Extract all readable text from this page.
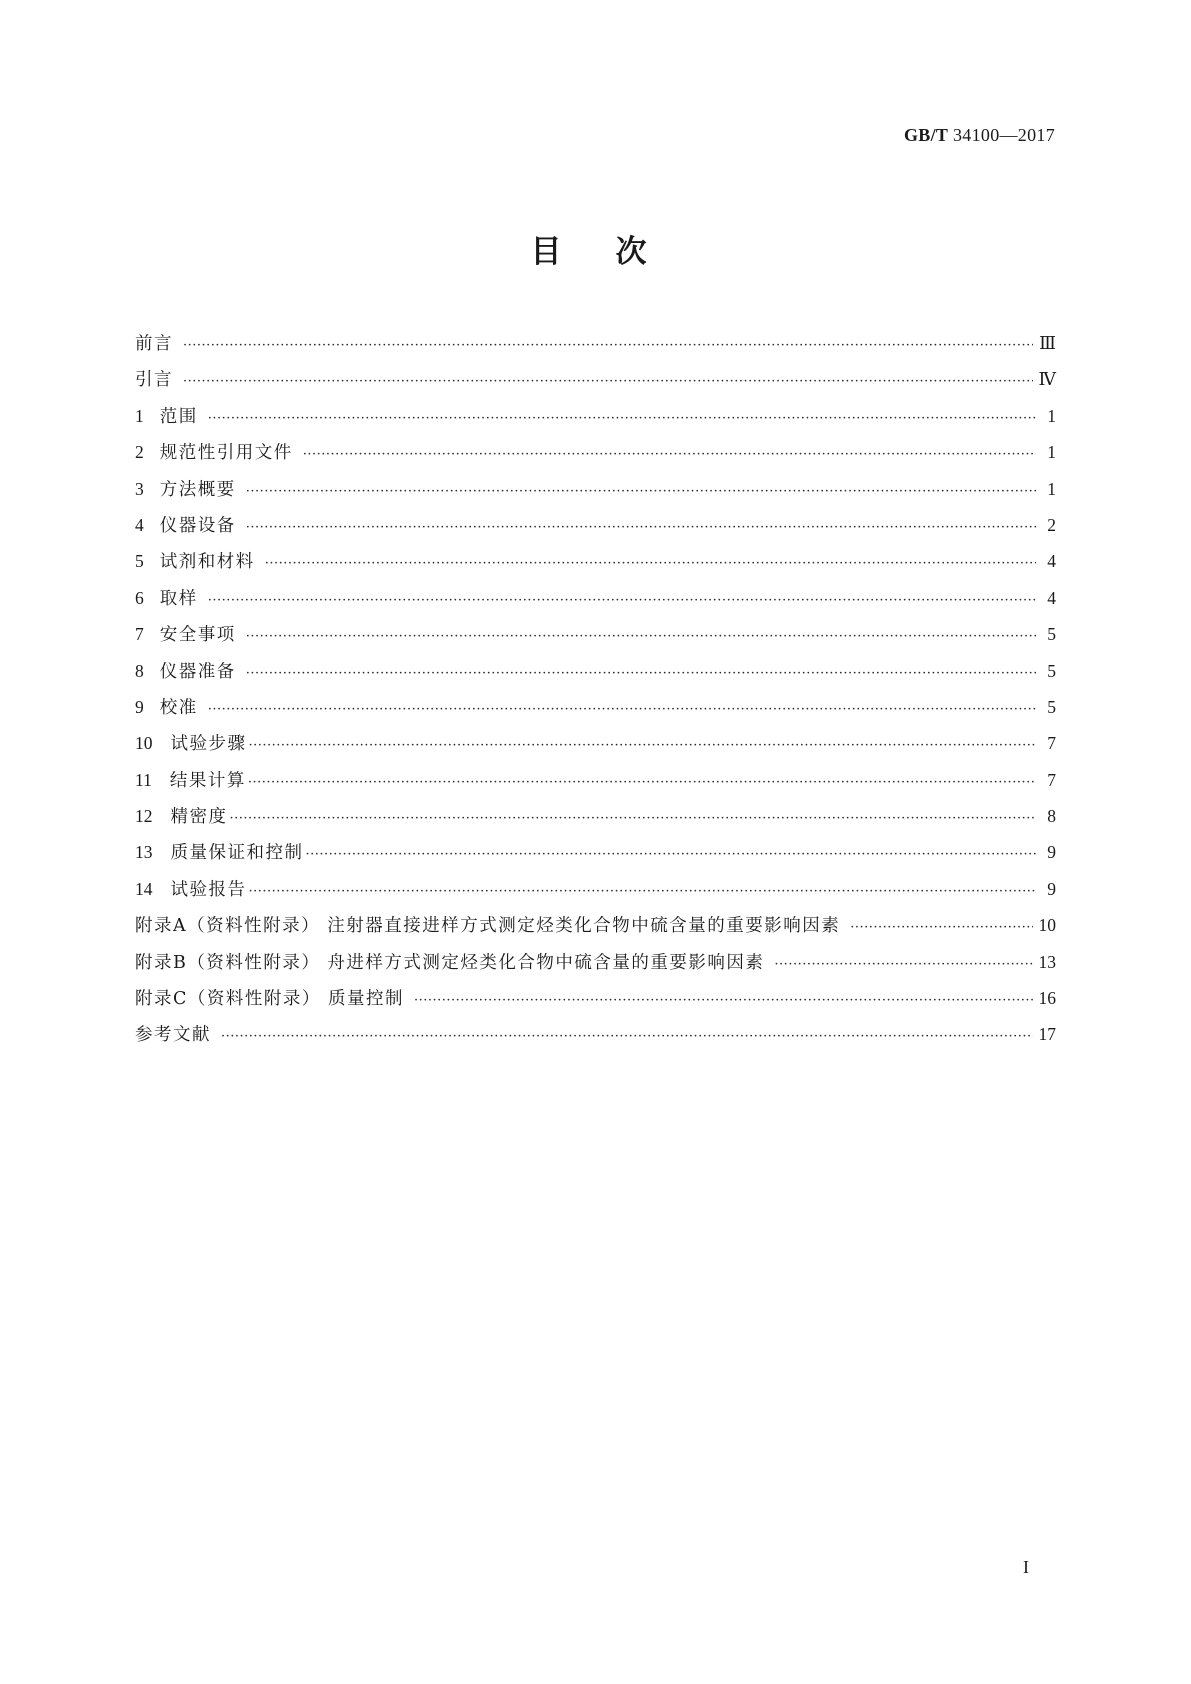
GB/T 34100—2017
目次
前言 ·····	Ⅲ
引言 ·····	Ⅳ
1 范围 ·····	1
2 规范性引用文件 ·····	1
3 方法概要 ·····	1
4 仪器设备 ·····	2
5 试剂和材料 ·····	4
6 取样 ·····	4
7 安全事项 ·····	5
8 仪器准备 ·····	5
9 校准 ·····	5
10 试验步骤 ·····	7
11 结果计算 ·····	7
12 精密度 ·····	8
13 质量保证和控制 ·····	9
14 试验报告 ·····	9
附录A（资料性附录） 注射器直接进样方式测定烃类化合物中硫含量的重要影响因素 ·····	10
附录B（资料性附录） 舟进样方式测定烃类化合物中硫含量的重要影响因素 ·····	13
附录C（资料性附录） 质量控制 ·····	16
参考文献 ·····	17
I
